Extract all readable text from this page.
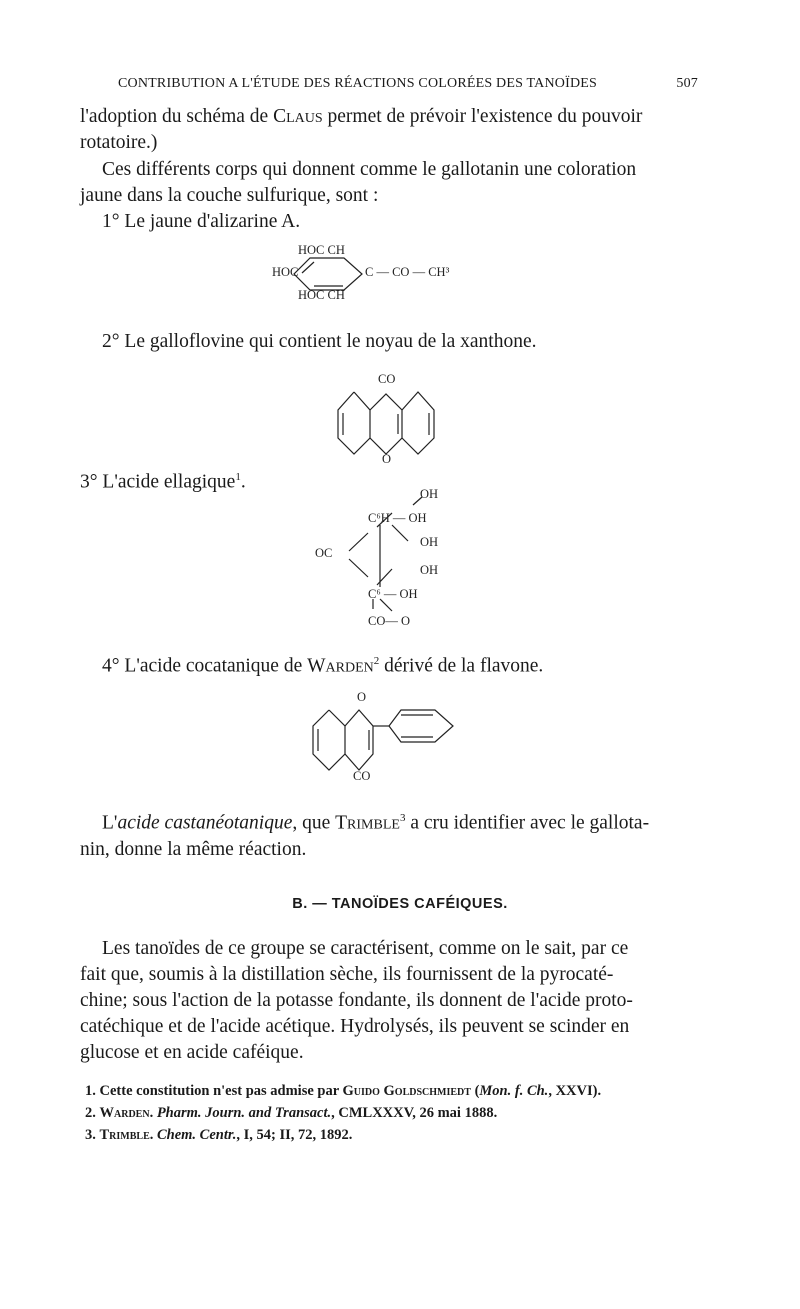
CONTRIBUTION A L'ÉTUDE DES RÉACTIONS COLORÉES DES TANOÏDES	507
l'adoption du schéma de Claus permet de prévoir l'existence du pouvoir
rotatoire.)
Ces différents corps qui donnent comme le gallotanin une coloration
jaune dans la couche sulfurique, sont :
1° Le jaune d'alizarine A.
HOC CH
HOC	C — CO — CH³
HOC CH
2° Le galloflovine qui contient le noyau de la xanthone.
CO
O
3° L'acide ellagique$^1$.
OH
C⁶H — OH
OH
OC
OH
C⁶ — OH
CO— O
4° L'acide cocatanique de Warden$^2$ dérivé de la flavone.
O
CO
L'acide castanéotanique, que Trimble$^3$ a cru identifier avec le gallota-
nin, donne la même réaction.
B. — TANOÏDES CAFÉIQUES.
Les tanoïdes de ce groupe se caractérisent, comme on le sait, par ce
fait que, soumis à la distillation sèche, ils fournissent de la pyrocaté-
chine; sous l'action de la potasse fondante, ils donnent de l'acide proto-
catéchique et de l'acide acétique. Hydrolysés, ils peuvent se scinder en
glucose et en acide caféique.
1. Cette constitution n'est pas admise par Guido Goldschmiedt (Mon. f. Ch., XXVI).
2. Warden. Pharm. Journ. and Transact., CMLXXXV, 26 mai 1888.
3. Trimble. Chem. Centr., I, 54; II, 72, 1892.
